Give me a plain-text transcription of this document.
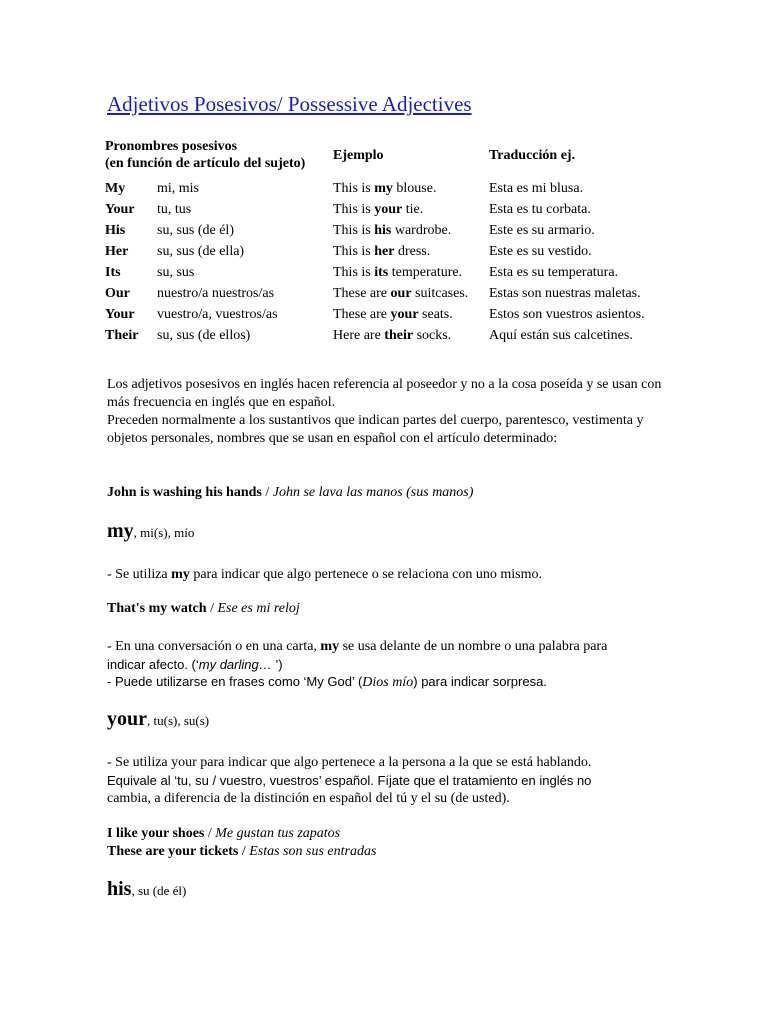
Adjetivos Posesivos/ Possessive Adjectives
Pronombres posesivos
(en función de artículo del sujeto)		Ejemplo	Traducción ej.
My	mi, mis	This is my blouse.	Esta es mi blusa.
Your	tu, tus	This is your tie.	Esta es tu corbata.
His	su, sus (de él)	This is his wardrobe.	Este es su armario.
Her	su, sus (de ella)	This is her dress.	Este es su vestido.
Its	su, sus	This is its temperature.	Esta es su temperatura.
Our	nuestro/a nuestros/as	These are our suitcases.	Estas son nuestras maletas.
Your	vuestro/a, vuestros/as	These are your seats.	Estos son vuestros asientos.
Their	su, sus (de ellos)	Here are their socks.	Aquí están sus calcetines.

Los adjetivos posesivos en inglés hacen referencia al poseedor y no a la cosa poseída y se usan con más frecuencia en inglés que en español.

Preceden normalmente a los sustantivos que indican partes del cuerpo, parentesco, vestimenta y objetos personales, nombres que se usan en español con el artículo determinado:

John is washing his hands / John se lava las manos (sus manos)

my, mi(s), mío

- Se utiliza my para indicar que algo pertenece o se relaciona con uno mismo.

That's my watch / Ese es mi reloj

- En una conversación o en una carta, my se usa delante de un nombre o una palabra para

indicar afecto. (‘my darling… ’)

- Puede utilizarse en frases como ‘My God’ (Dios mío) para indicar sorpresa.

your, tu(s), su(s)

- Se utiliza your para indicar que algo pertenece a la persona a la que se está hablando.

Equivale al ‘tu, su / vuestro, vuestros’ español. Fíjate que el tratamiento en inglés no

cambia, a diferencia de la distinción en español del tú y el su (de usted).

I like your shoes / Me gustan tus zapatos

These are your tickets / Estas son sus entradas

his, su (de él)
